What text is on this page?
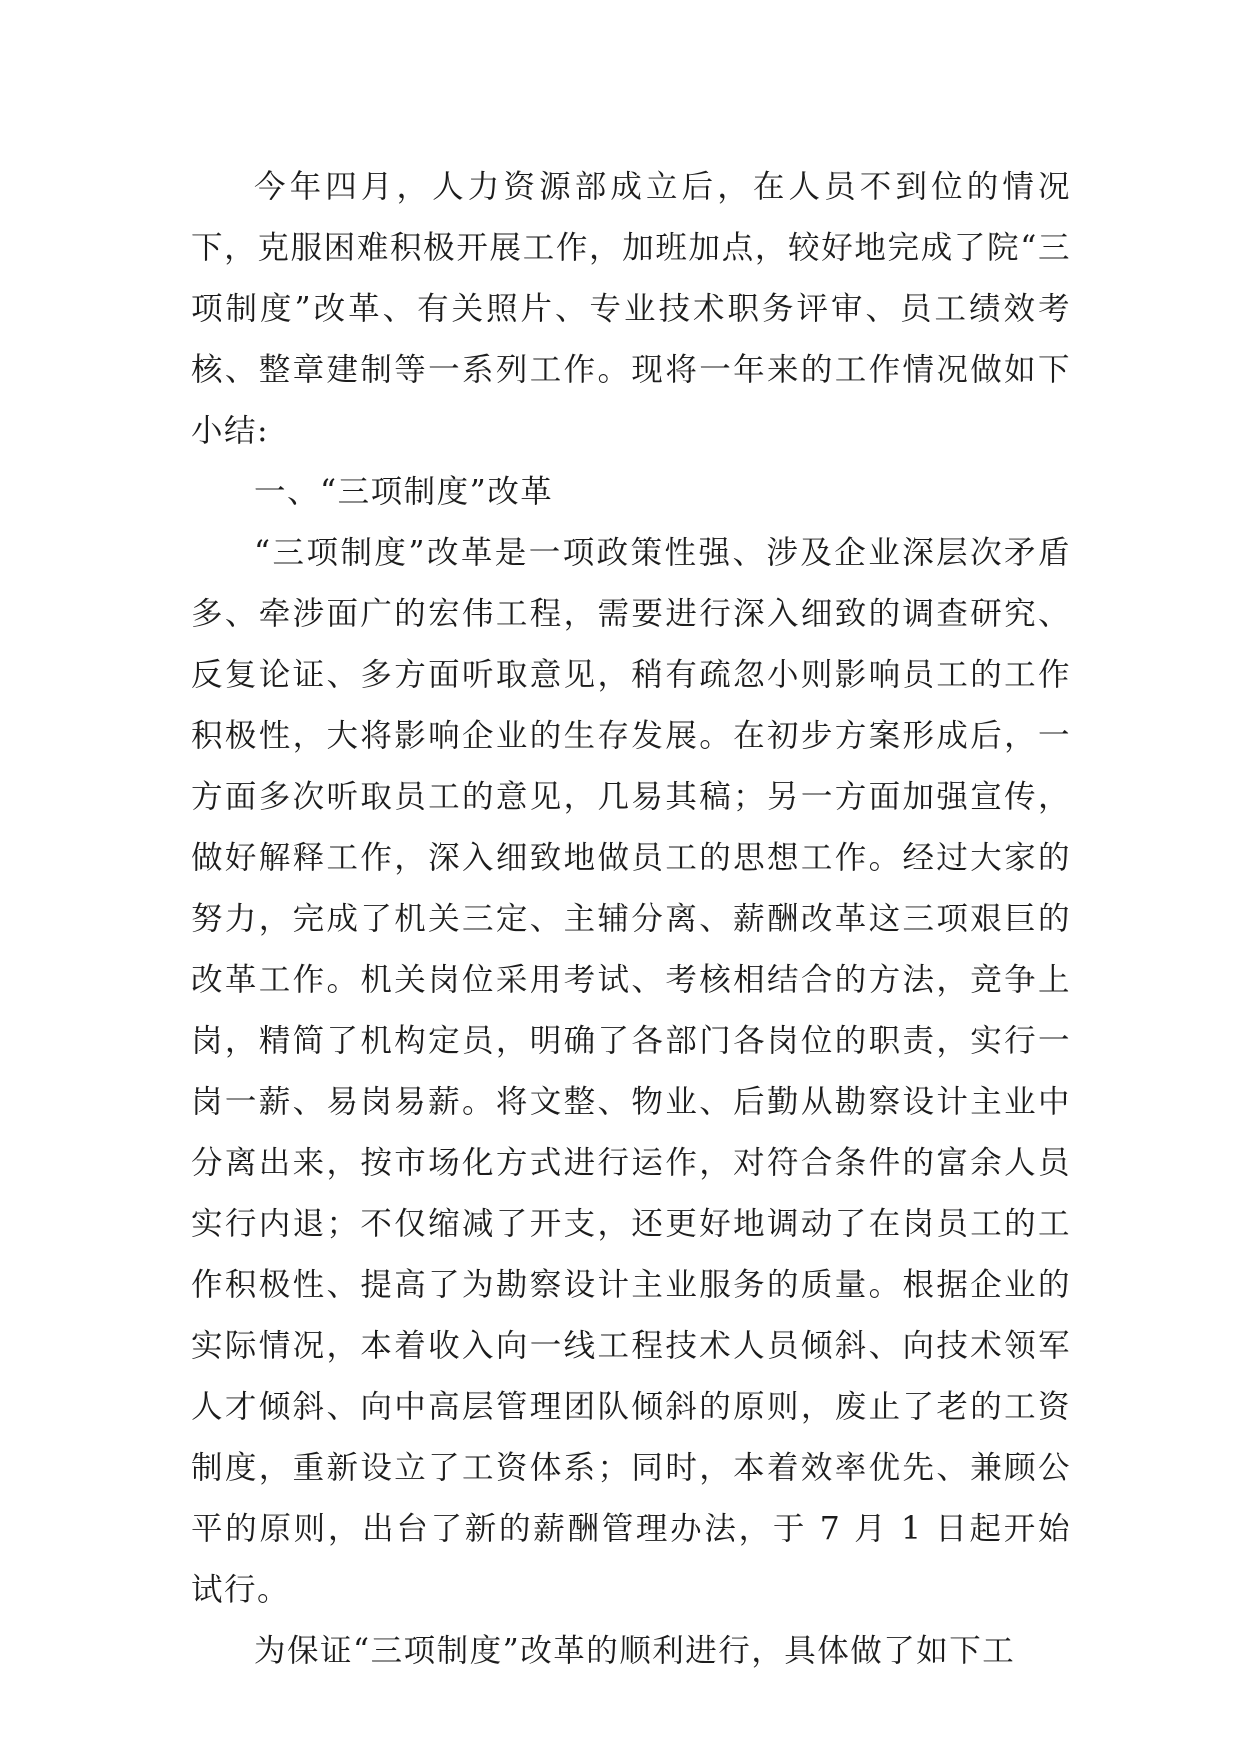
今年四月，人力资源部成立后，在人员不到位的情况下，克服困难积极开展工作，加班加点，较好地完成了院“三项制度”改革、有关照片、专业技术职务评审、员工绩效考核、整章建制等一系列工作。现将一年来的工作情况做如下小结:

一、“三项制度”改革

“三项制度”改革是一项政策性强、涉及企业深层次矛盾多、牵涉面广的宏伟工程，需要进行深入细致的调查研究、反复论证、多方面听取意见，稍有疏忽小则影响员工的工作积极性，大将影响企业的生存发展。在初步方案形成后，一方面多次听取员工的意见，几易其稿；另一方面加强宣传，做好解释工作，深入细致地做员工的思想工作。经过大家的努力，完成了机关三定、主辅分离、薪酬改革这三项艰巨的改革工作。机关岗位采用考试、考核相结合的方法，竞争上岗，精简了机构定员，明确了各部门各岗位的职责，实行一岗一薪、易岗易薪。将文整、物业、后勤从勘察设计主业中分离出来，按市场化方式进行运作，对符合条件的富余人员实行内退；不仅缩减了开支，还更好地调动了在岗员工的工作积极性、提高了为勘察设计主业服务的质量。根据企业的实际情况，本着收入向一线工程技术人员倾斜、向技术领军人才倾斜、向中高层管理团队倾斜的原则，废止了老的工资制度，重新设立了工资体系；同时，本着效率优先、兼顾公平的原则，出台了新的薪酬管理办法，于 7 月 1 日起开始试行。

为保证“三项制度”改革的顺利进行，具体做了如下工
